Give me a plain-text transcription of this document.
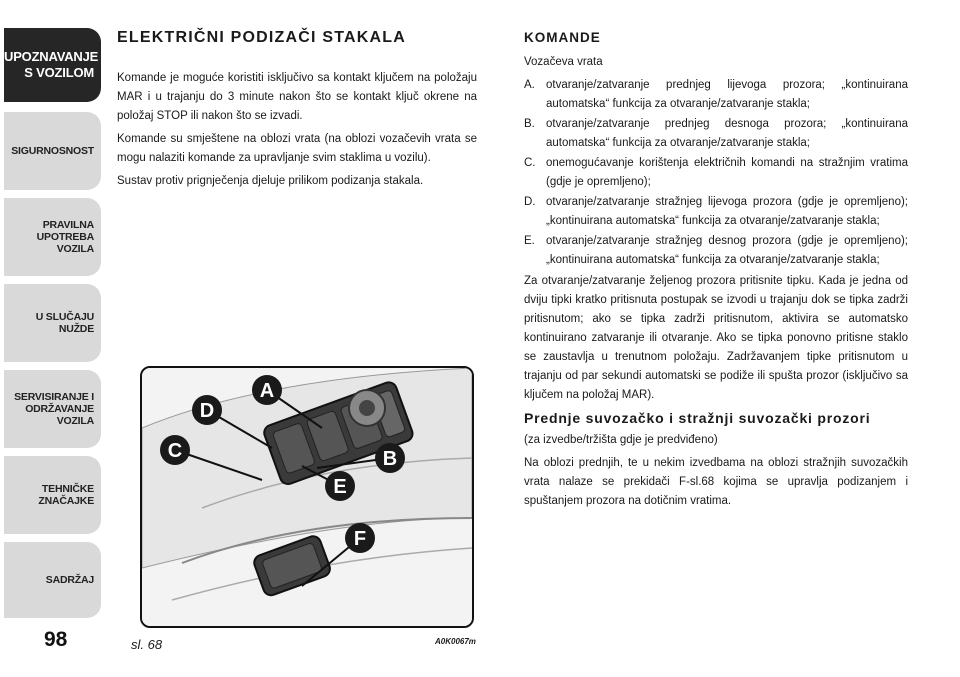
UPOZNAVANJE
S VOZILOM
SIGURNOSNOST
PRAVILNA
UPOTREBA
VOZILA
U SLUČAJU
NUŽDE
SERVISIRANJE I
ODRŽAVANJE
VOZILA
TEHNIČKE
ZNAČAJKE
SADRŽAJ
98
ELEKTRIČNI PODIZAČI STAKALA

Komande je moguće koristiti isključivo sa kontakt ključem na položaju MAR i u trajanju do 3 minute nakon što se kontakt ključ okrene na položaj STOP ili nakon što se izvadi.

Komande su smještene na oblozi vrata (na oblozi vozačevih vrata se mogu nalaziti komande za upravljanje svim staklima u vozilu).

Sustav protiv prignječenja djeluje prilikom podizanja stakala.

A
B
C
D
E
F
sl. 68	A0K0067m
KOMANDE

Vozačeva vrata

A. otvaranje/zatvaranje prednjeg lijevoga prozora; „kontinuirana automatska“ funkcija za otvaranje/zatvaranje stakla;
B. otvaranje/zatvaranje prednjeg desnoga prozora; „kontinuirana automatska“ funkcija za otvaranje/zatvaranje stakla;
C. onemogućavanje korištenja električnih komandi na stražnjim vratima (gdje je opremljeno);
D. otvaranje/zatvaranje stražnjeg lijevoga prozora (gdje je opremljeno); „kontinuirana automatska“ funkcija za otvaranje/zatvaranje stakla;
E. otvaranje/zatvaranje stražnjeg desnog prozora (gdje je opremljeno); „kontinuirana automatska“ funkcija za otvaranje/zatvaranje stakla;

Za otvaranje/zatvaranje željenog prozora pritisnite tipku. Kada je jedna od dviju tipki kratko pritisnuta postupak se izvodi u trajanju dok se tipka zadrži pritisnutom; ako se tipka zadrži pritisnutom, aktivira se automatsko kontinuirano zatvaranje ili otvaranje. Ako se tipka ponovno pritisne staklo se zaustavlja u trenutnom položaju. Zadržavanjem tipke pritisnutom u trajanju od par sekundi automatski se podiže ili spušta prozor (isključivo sa ključem na položaj MAR).

Prednje suvozačko i stražnji suvozački prozori

(za izvedbe/tržišta gdje je predviđeno)

Na oblozi prednjih, te u nekim izvedbama na oblozi stražnjih suvozačkih vrata nalaze se prekidači F-sl.68 kojima se upravlja podizanjem i spuštanjem prozora na dotičnim vratima.
